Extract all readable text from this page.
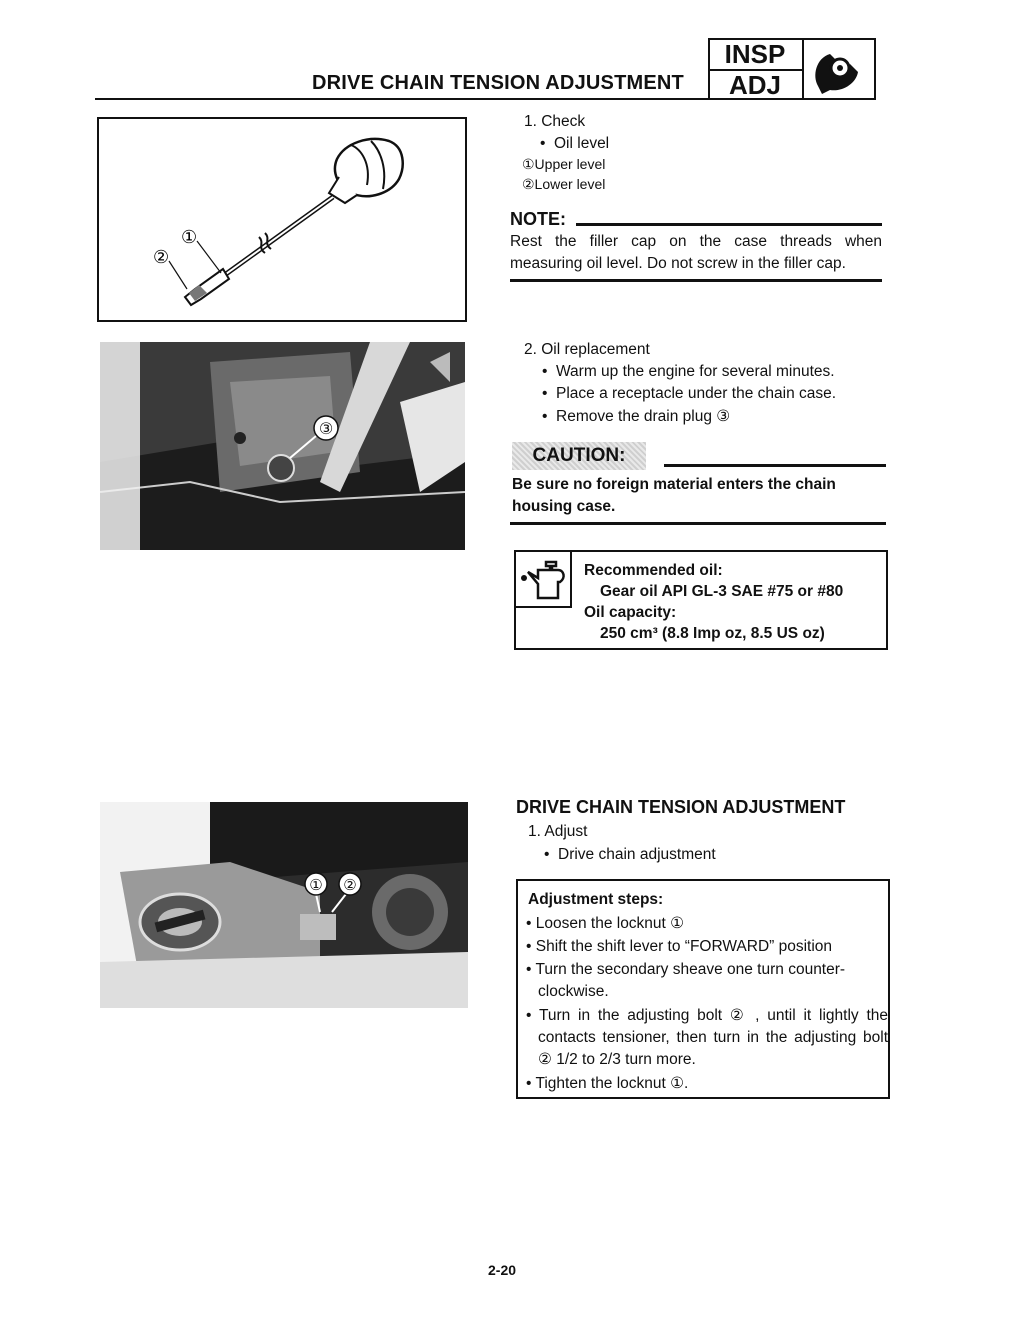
DRIVE CHAIN TENSION ADJUSTMENT
INSP
ADJ
①
②
③
① ②
1. Check
• Oil level
①Upper level
②Lower level
NOTE:
Rest the filler cap on the case threads when measuring oil level. Do not screw in the filler cap.
2. Oil replacement
• Warm up the engine for several minutes.
• Place a receptacle under the chain case.
• Remove the drain plug ③
CAUTION:
Be sure no foreign material enters the chain housing case.
Recommended oil:
Gear oil API GL-3 SAE #75 or #80
Oil capacity:
250 cm³ (8.8 Imp oz, 8.5 US oz)
DRIVE CHAIN TENSION ADJUSTMENT
1. Adjust
• Drive chain adjustment
Adjustment steps:
• Loosen the locknut ①
• Shift the shift lever to “FORWARD” position
• Turn the secondary sheave one turn counter-clockwise.
• Turn in the adjusting bolt ② , until it lightly the contacts tensioner, then turn in the adjusting bolt ② 1/2 to 2/3 turn more.
• Tighten the locknut ①.
2-20
